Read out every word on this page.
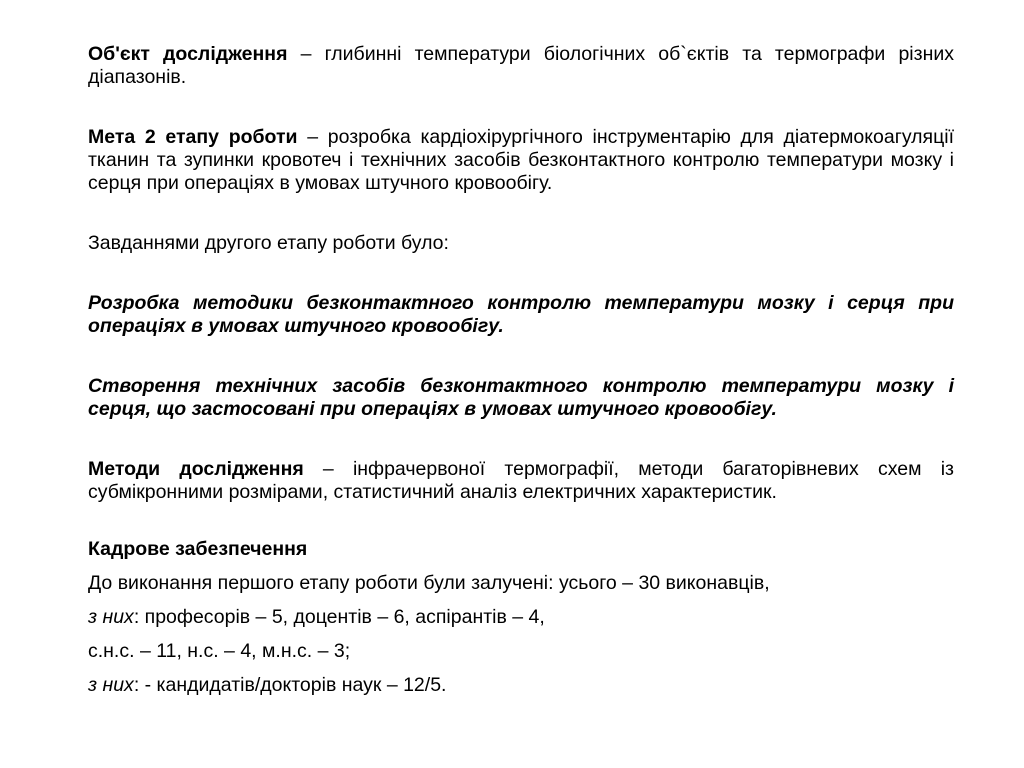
Об'єкт дослідження – глибинні температури біологічних об`єктів та термографи різних діапазонів.

Мета 2 етапу роботи – розробка кардіохірургічного інструментарію для діатермокоагуляції тканин та зупинки кровотеч і технічних засобів безконтактного контролю температури мозку і серця при операціях в умовах штучного кровообігу.

Завданнями другого етапу роботи було:

Розробка методики безконтактного контролю температури мозку і серця при операціях в умовах штучного кровообігу.

Створення технічних засобів безконтактного контролю температури мозку і серця, що застосовані при операціях в умовах штучного кровообігу.

Методи дослідження – інфрачервоної термографії, методи багаторівневих схем із субмікронними розмірами, статистичний аналіз електричних характеристик.

Кадрове забезпечення

До виконання першого етапу роботи були залучені: усього – 30 виконавців,

з них: професорів – 5, доцентів – 6, аспірантів – 4,

с.н.с. – 11, н.с. – 4, м.н.с. – 3;

з них: - кандидатів/докторів наук – 12/5.
